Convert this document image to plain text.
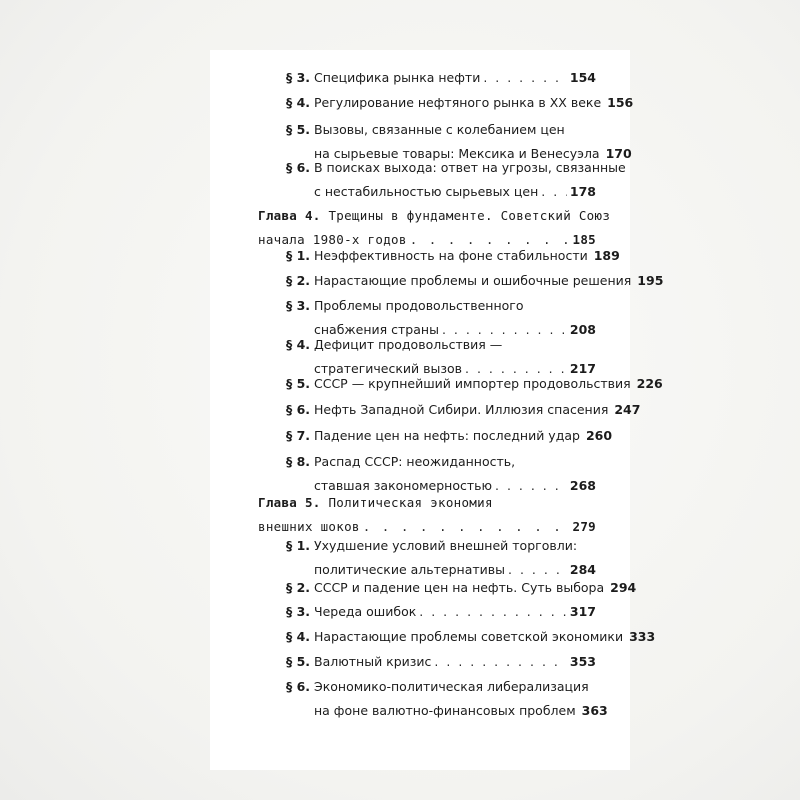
§ 3. Специфика рынка нефти . . .	154
§ 4. Регулирование нефтяного рынка в XX веке 156
§ 5. Вызовы, связанные с колебанием цен
на сырьевые товары: Мексика и Венесуэла 170
§ 6. В поисках выхода: ответ на угрозы, связанные
с нестабильностью сырьевых цен . . .	178
Глава 4. Трещины в фундаменте. Советский Союз
начала 1980-х годов . . .	185
§ 1. Неэффективность на фоне стабильности 189
§ 2. Нарастающие проблемы и ошибочные решения 195
§ 3. Проблемы продовольственного
снабжения страны . . .	208
§ 4. Дефицит продовольствия —
стратегический вызов . . .	217
§ 5. СССР — крупнейший импортер продовольствия 226
§ 6. Нефть Западной Сибири. Иллюзия спасения 247
§ 7. Падение цен на нефть: последний удар 260
§ 8. Распад СССР: неожиданность,
ставшая закономерностью . . .	268
Глава 5. Политическая экономия
внешних шоков . . .	279
§ 1. Ухудшение условий внешней торговли:
политические альтернативы . . .	284
§ 2. СССР и падение цен на нефть. Суть выбора 294
§ 3. Череда ошибок . . .	317
§ 4. Нарастающие проблемы советской экономики 333
§ 5. Валютный кризис . . .	353
§ 6. Экономико-политическая либерализация
на фоне валютно-финансовых проблем 363
